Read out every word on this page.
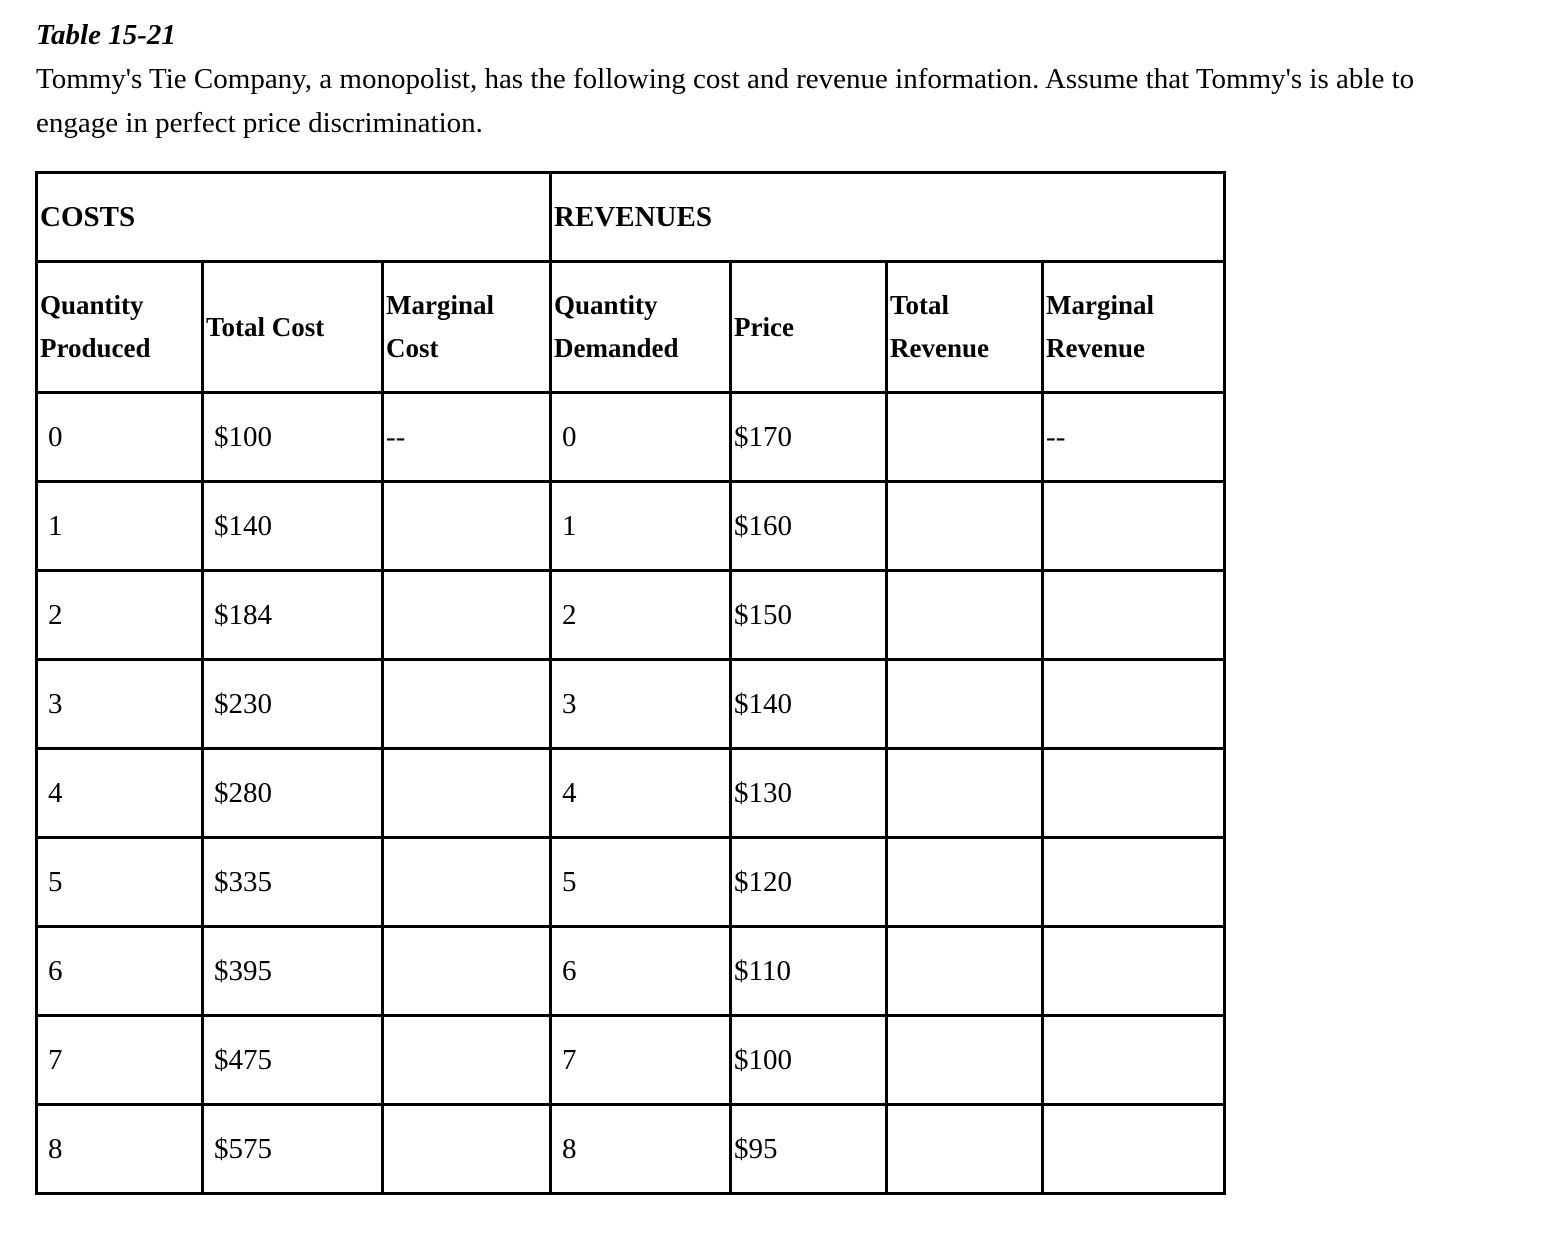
Table 15-21
Tommy's Tie Company, a monopolist, has the following cost and revenue information. Assume that Tommy's is able to engage in perfect price discrimination.
COSTS			REVENUES			
Quantity Produced	Total Cost	Marginal Cost	Quantity Demanded	Price	Total Revenue	Marginal Revenue
0	$100	--	0	$170		--
1	$140		1	$160		
2	$184		2	$150		
3	$230		3	$140		
4	$280		4	$130		
5	$335		5	$120		
6	$395		6	$110		
7	$475		7	$100		
8	$575		8	$95		
